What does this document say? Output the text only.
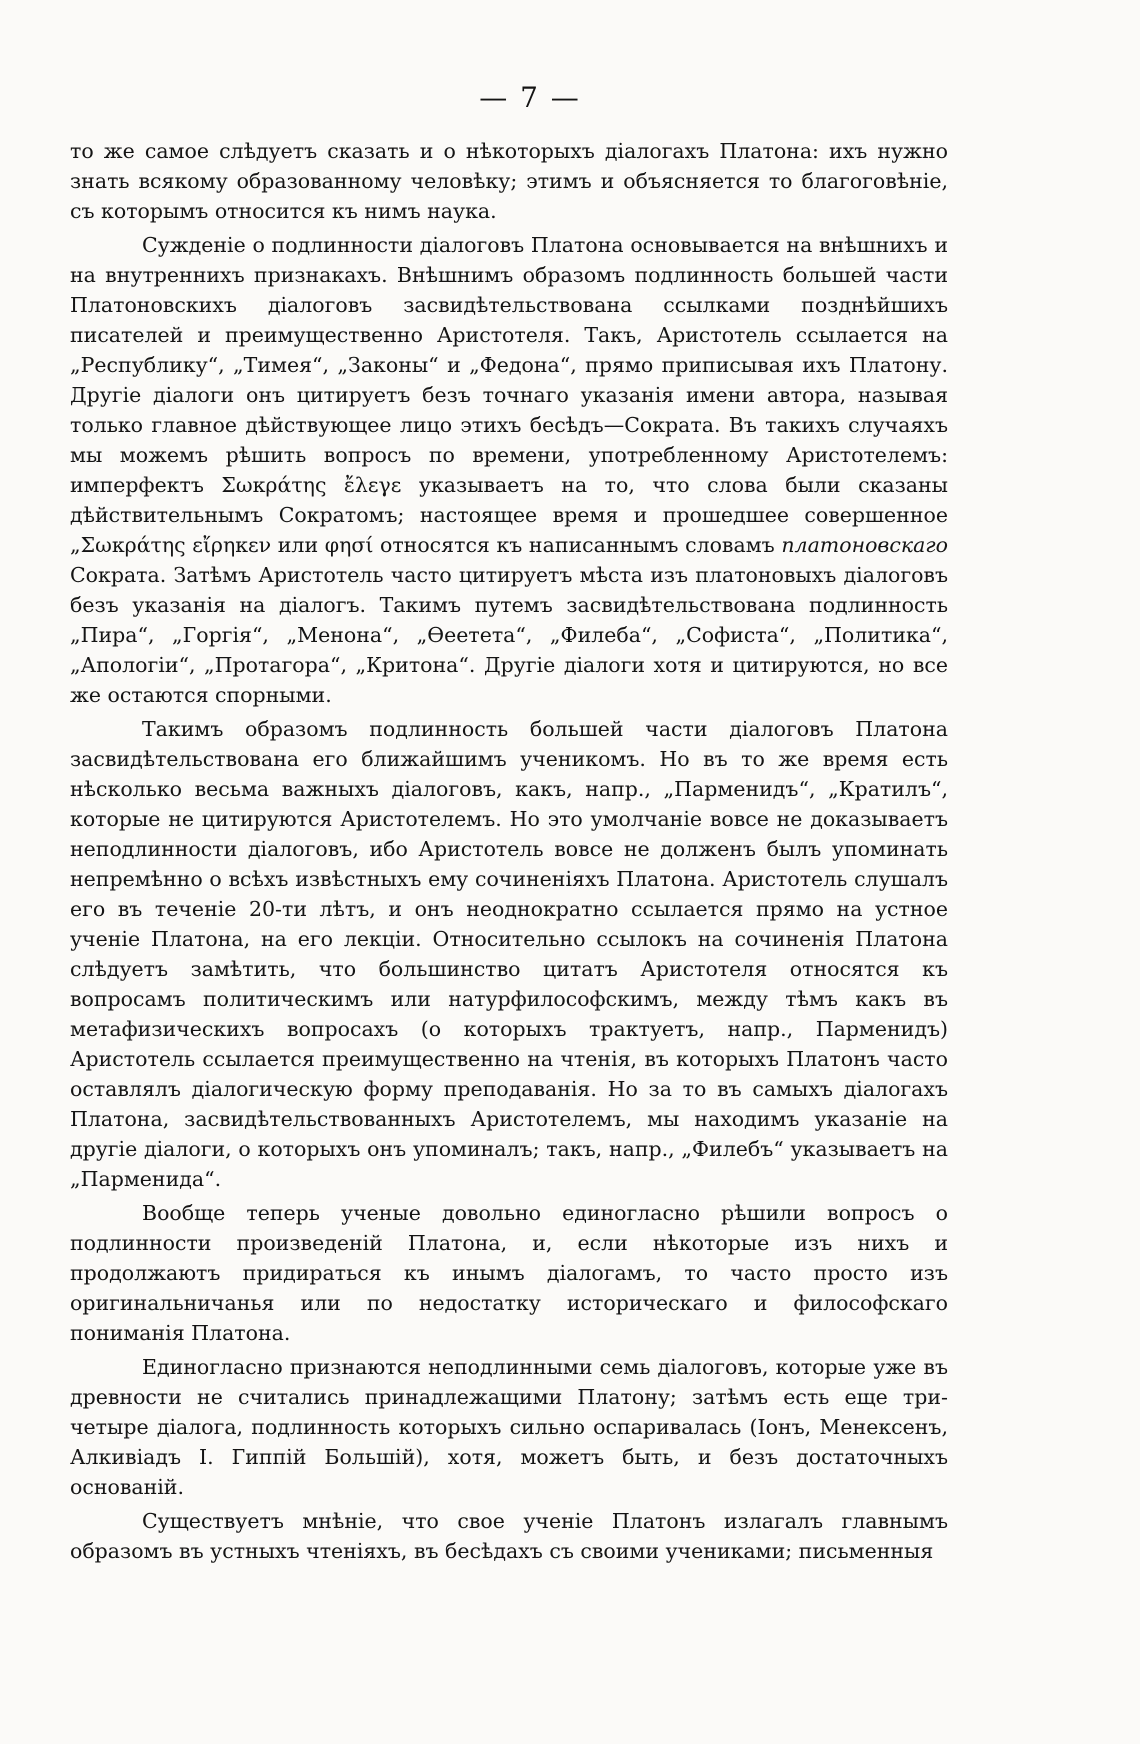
— 7 —

то же самое слѣдуетъ сказать и о нѣкоторыхъ діалогахъ Платона: ихъ нужно знать всякому образованному человѣку; этимъ и объясняется то благоговѣніе, съ которымъ относится къ нимъ наука.

Сужденіе о подлинности діалоговъ Платона основывается на внѣшнихъ и на внутреннихъ признакахъ. Внѣшнимъ образомъ подлинность большей части Платоновскихъ діалоговъ засвидѣтельствована ссылками позднѣйшихъ писателей и преимущественно Аристотеля. Такъ, Аристотель ссылается на „Республику“, „Тимея“, „Законы“ и „Федона“, прямо приписывая ихъ Платону. Другіе діалоги онъ цитируетъ безъ точнаго указанія имени автора, называя только главное дѣйствующее лицо этихъ бесѣдъ—Сократа. Въ такихъ случаяхъ мы можемъ рѣшить вопросъ по времени, употребленному Аристотелемъ: имперфектъ Σωκράτης ἔλεγε указываетъ на то, что слова были сказаны дѣйствительнымъ Сократомъ; настоящее время и прошедшее совершенное „Σωκράτης εἴρηκεν или φησί относятся къ написаннымъ словамъ платоновскаго Сократа. Затѣмъ Аристотель часто цитируетъ мѣста изъ платоновыхъ діалоговъ безъ указанія на діалогъ. Такимъ путемъ засвидѣтельствована подлинность „Пира“, „Горгія“, „Менона“, „Ѳеетета“, „Филеба“, „Софиста“, „Политика“, „Апологіи“, „Протагора“, „Критона“. Другіе діалоги хотя и цитируются, но все же остаются спорными.

Такимъ образомъ подлинность большей части діалоговъ Платона засвидѣтельствована его ближайшимъ ученикомъ. Но въ то же время есть нѣсколько весьма важныхъ діалоговъ, какъ, напр., „Парменидъ“, „Кратилъ“, которые не цитируются Аристотелемъ. Но это умолчаніе вовсе не доказываетъ неподлинности діалоговъ, ибо Аристотель вовсе не долженъ былъ упоминать непремѣнно о всѣхъ извѣстныхъ ему сочиненіяхъ Платона. Аристотель слушалъ его въ теченіе 20-ти лѣтъ, и онъ неоднократно ссылается прямо на устное ученіе Платона, на его лекціи. Относительно ссылокъ на сочиненія Платона слѣдуетъ замѣтить, что большинство цитатъ Аристотеля относятся къ вопросамъ политическимъ или натурфилософскимъ, между тѣмъ какъ въ метафизическихъ вопросахъ (о которыхъ трактуетъ, напр., Парменидъ) Аристотель ссылается преимущественно на чтенія, въ которыхъ Платонъ часто оставлялъ діалогическую форму преподаванія. Но за то въ самыхъ діалогахъ Платона, засвидѣтельствованныхъ Аристотелемъ, мы находимъ указаніе на другіе діалоги, о которыхъ онъ упоминалъ; такъ, напр., „Филебъ“ указываетъ на „Парменида“.

Вообще теперь ученые довольно единогласно рѣшили вопросъ о подлинности произведеній Платона, и, если нѣкоторые изъ нихъ и продолжаютъ придираться къ инымъ діалогамъ, то часто просто изъ оригинальничанья или по недостатку историческаго и философскаго пониманія Платона.

Единогласно признаются неподлинными семь діалоговъ, которые уже въ древности не считались принадлежащими Платону; затѣмъ есть еще три-четыре діалога, подлинность которыхъ сильно оспаривалась (Іонъ, Менексенъ, Алкивіадъ I. Гиппій Большій), хотя, можетъ быть, и безъ достаточныхъ основаній.

Существуетъ мнѣніе, что свое ученіе Платонъ излагалъ главнымъ образомъ въ устныхъ чтеніяхъ, въ бесѣдахъ съ своими учениками; письменныя
